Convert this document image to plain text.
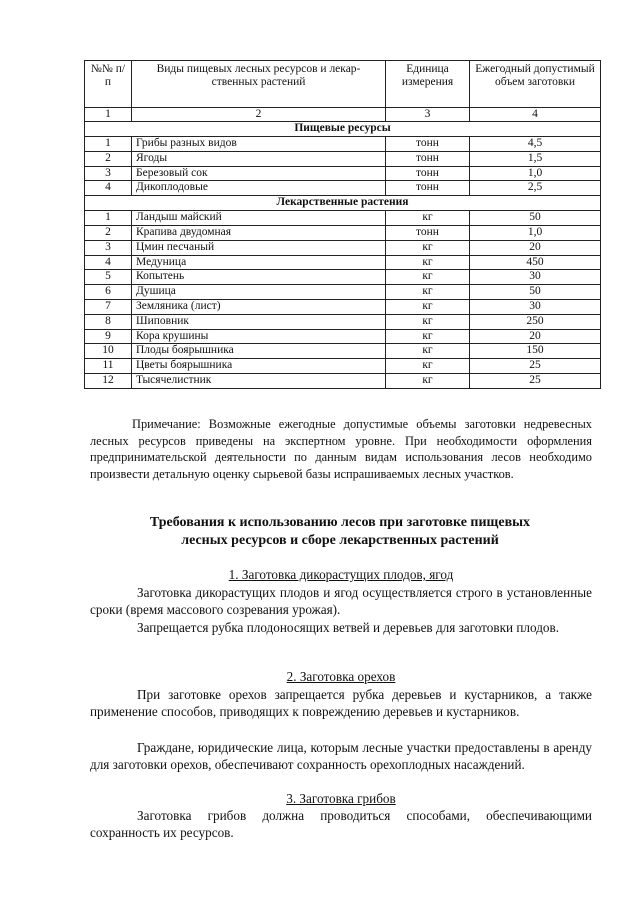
№№ п/п	Виды пищевых лесных ресурсов и лекар-ственных растений	Единица измерения	Ежегодный допустимый объем заготовки
1	2	3	4
Пищевые ресурсы			
1	Грибы разных видов	тонн	4,5
2	Ягоды	тонн	1,5
3	Березовый сок	тонн	1,0
4	Дикоплодовые	тонн	2,5
Лекарственные растения			
1	Ландыш майский	кг	50
2	Крапива двудомная	тонн	1,0
3	Цмин песчаный	кг	20
4	Медуница	кг	450
5	Копытень	кг	30
6	Душица	кг	50
7	Земляника (лист)	кг	30
8	Шиповник	кг	250
9	Кора крушины	кг	20
10	Плоды боярышника	кг	150
11	Цветы боярышника	кг	25
12	Тысячелистник	кг	25

Примечание: Возможные ежегодные допустимые объемы заготовки недревесных лесных ресурсов приведены на экспертном уровне. При необходимости оформления предпринимательской деятельности по данным видам использования лесов необходимо произвести детальную оценку сырьевой базы испрашиваемых лесных участков.

Требования к использованию лесов при заготовке пищевых
лесных ресурсов и сборе лекарственных растений
1. Заготовка дикорастущих плодов, ягод

Заготовка дикорастущих плодов и ягод осуществляется строго в установленные сроки (время массового созревания урожая).

Запрещается рубка плодоносящих ветвей и деревьев для заготовки плодов.

2. Заготовка орехов

При заготовке орехов запрещается рубка деревьев и кустарников, а также применение способов, приводящих к повреждению деревьев и кустарников.

Граждане, юридические лица, которым лесные участки предоставлены в аренду для заготовки орехов, обеспечивают сохранность орехоплодных насаждений.

3. Заготовка грибов

Заготовка грибов должна проводиться способами, обеспечивающими сохранность их ресурсов.
